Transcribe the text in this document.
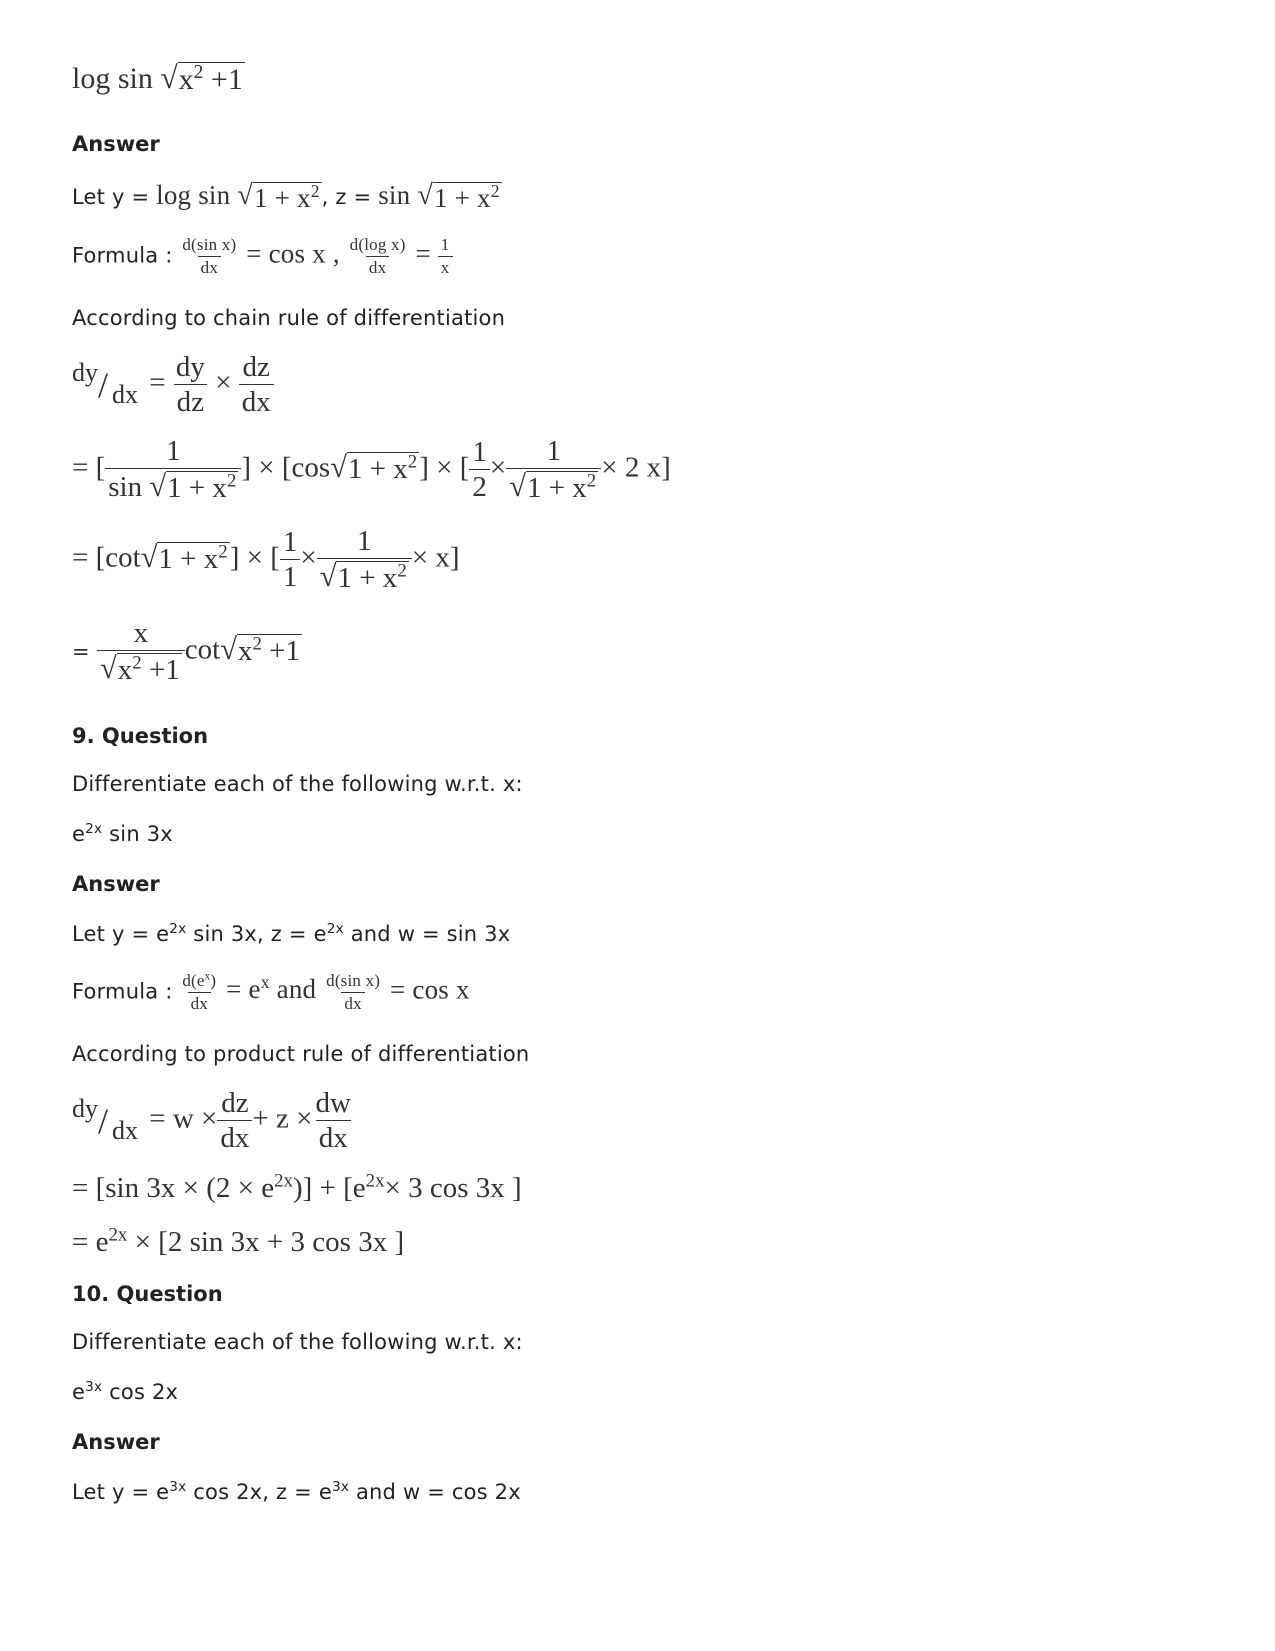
log sin √ $x^2 +1$
Answer
Let y = log sin √ $1 + x^2$ , z = sin √ $1 + x^2$
Formula : $\frac{\text{d(sin x)}}{dx} = \cos x$ , $\frac{\text{d(log x)}}{dx} = \frac{1}{x}$
According to chain rule of differentiation
dy / dx = $\frac{dy}{dz} \times \frac{dz}{dx}$
= [ $\frac{1}{\sin √ 1 + x^2}$ ] × [cos √ $1 + x^2$ ] × [ $\frac{1}{2} \times \frac{1}{√ 1 + x^2} \times 2$ x]
= [cot √ $1 + x^2$ ] × [ $\frac{1}{1} \times \frac{1}{√ 1 + x^2} \times x$]
= $\frac{x}{√ x^2 +1}$ cot √ $x^2 +1$
9. Question
Differentiate each of the following w.r.t. x:
$e^{2x}$ sin 3x
Answer
Let $y = e^{2x}$ sin 3x, $z = e^{2x}$ and w = sin 3x
Formula : $\frac{d(e^x)}{dx} = e^x$ and $\frac{\text{d(sin x)}}{dx} = \cos x$
According to product rule of differentiation
dy / dx = $w \times \frac{dz}{dx} + z \times \frac{dw}{dx}$
= [sin $3x \times (2 \times e^{2x})] + [e^{2x}\times 3$ cos 3x ]
= $e^{2x} \times [2$ sin 3x + 3 cos 3x ]
10. Question
Differentiate each of the following w.r.t. x:
$e^{3x}$ cos 2x
Answer
Let $y = e^{3x}$ cos 2x, $z = e^{3x}$ and w = cos 2x
